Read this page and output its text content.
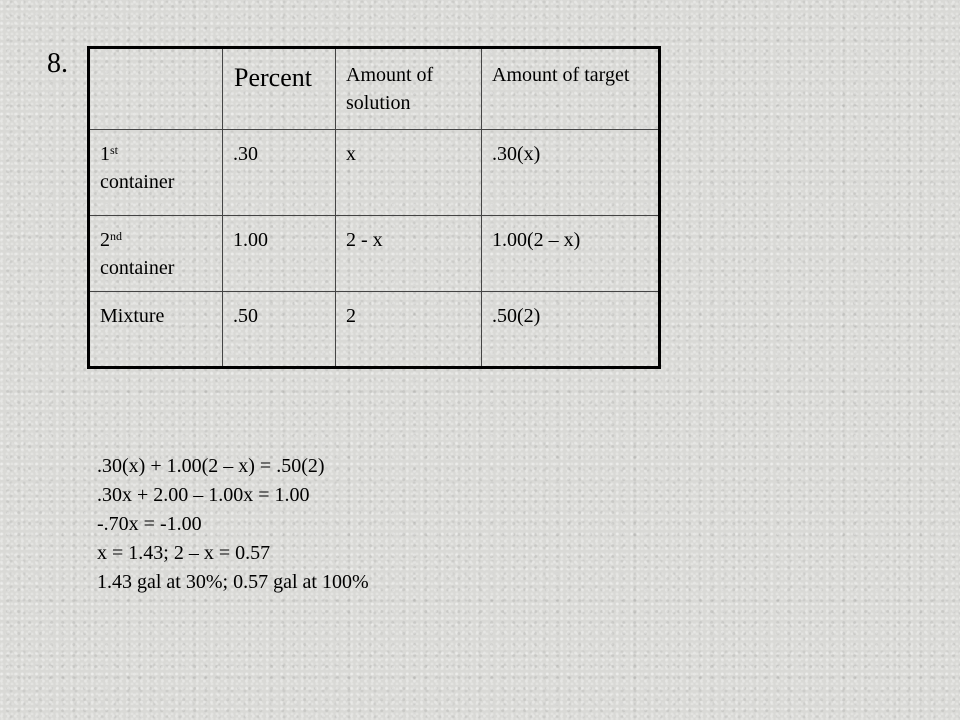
8.
		Percent	Amount of solution	Amount of target
1st
container	.30	x	.30(x)
2nd
container	1.00	2 - x	1.00(2 – x)
Mixture	.50	2	.50(2)
.30(x) + 1.00(2 – x) = .50(2)
.30x + 2.00 – 1.00x = 1.00
-.70x = -1.00
x = 1.43; 2 – x = 0.57
1.43 gal at 30%; 0.57 gal at 100%
